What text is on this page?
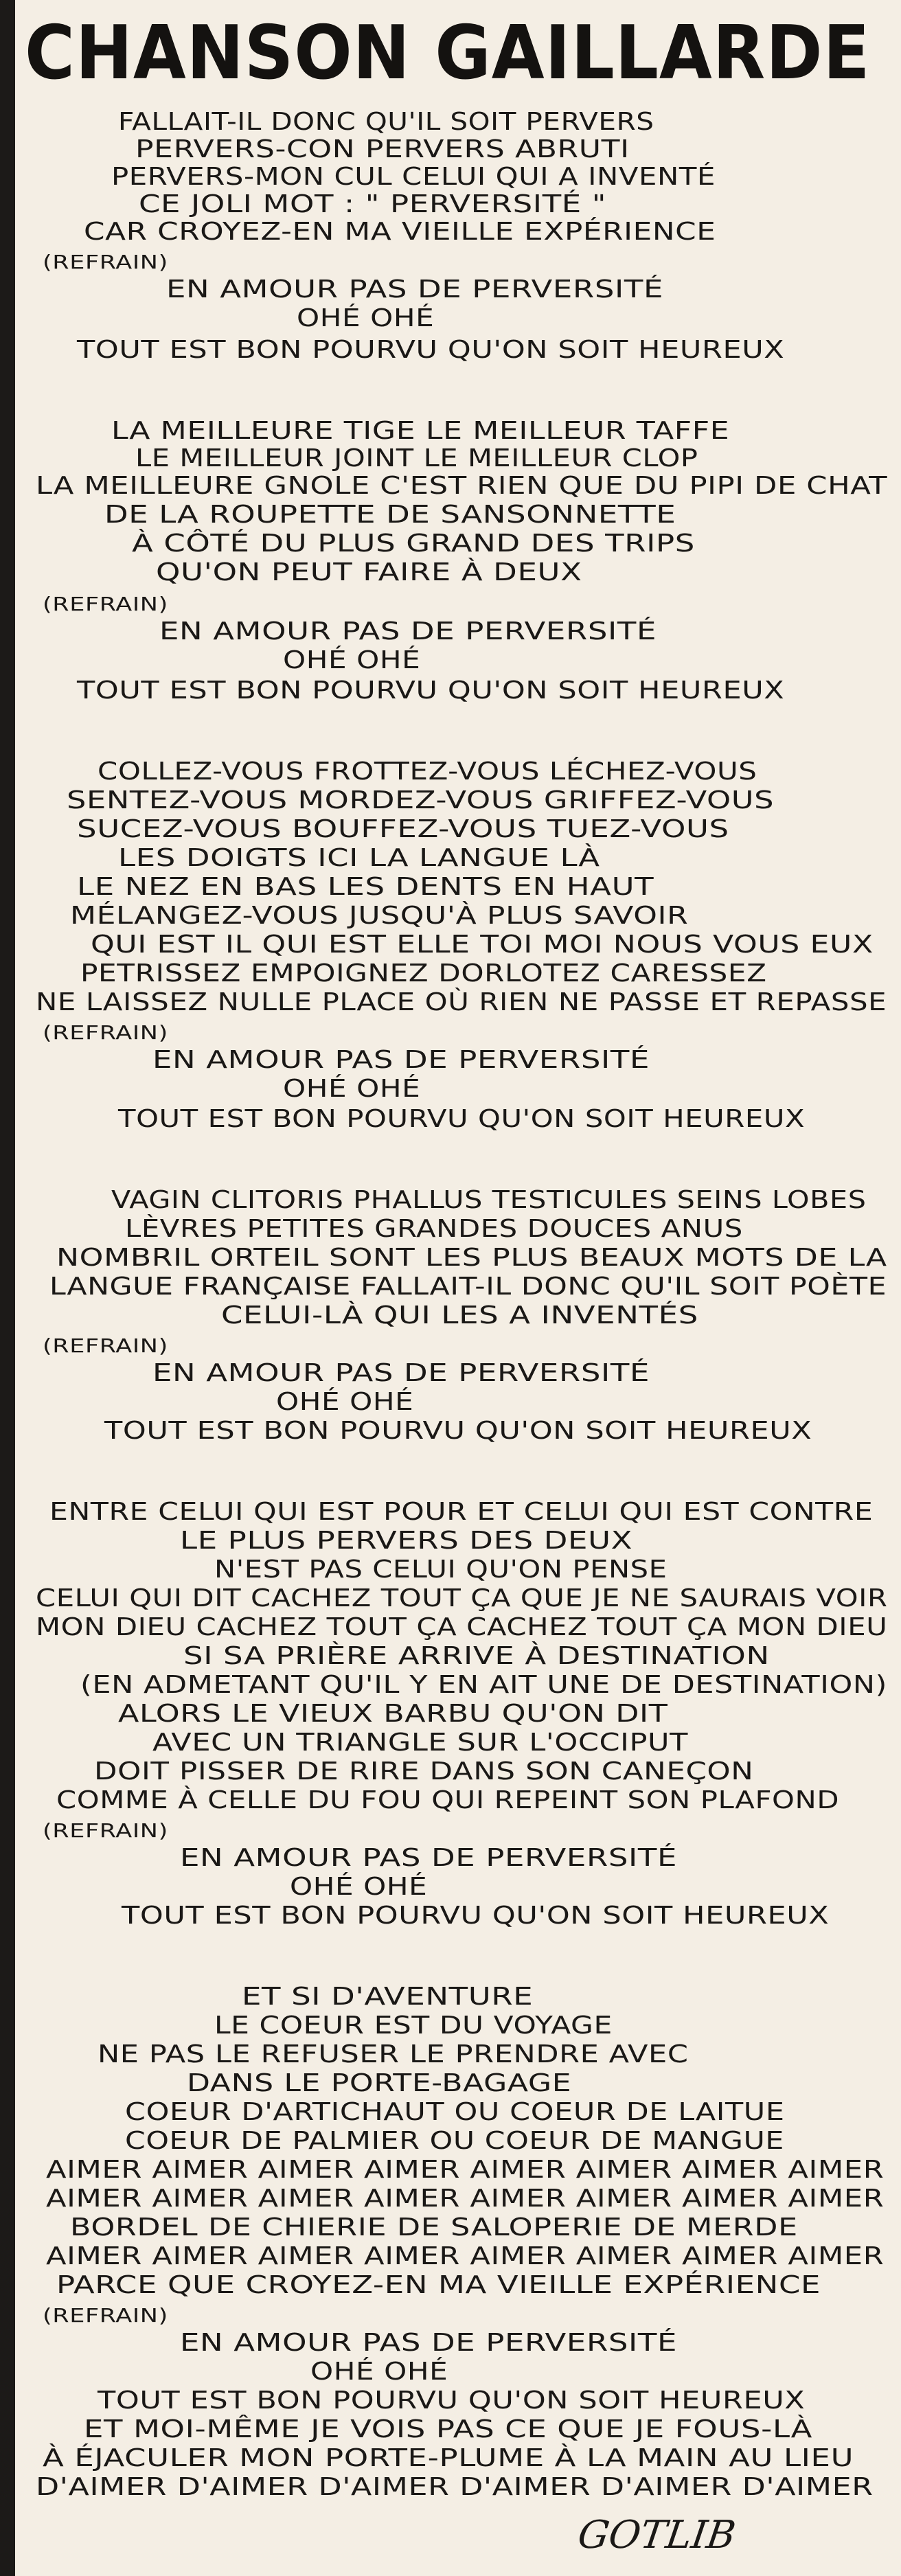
CHANSON GAILLARDE
FALLAIT-IL DONC QU'IL SOIT PERVERS
PERVERS-CON PERVERS ABRUTI
PERVERS-MON CUL CELUI QUI A INVENTÉ
CE JOLI MOT : " PERVERSITÉ "
CAR CROYEZ-EN MA VIEILLE EXPÉRIENCE
(REFRAIN)
EN AMOUR PAS DE PERVERSITÉ
OHÉ OHÉ
TOUT EST BON POURVU QU'ON SOIT HEUREUX
LA MEILLEURE TIGE LE MEILLEUR TAFFE
LE MEILLEUR JOINT LE MEILLEUR CLOP
LA MEILLEURE GNOLE C'EST RIEN QUE DU PIPI DE CHAT
DE LA ROUPETTE DE SANSONNETTE
À CÔTÉ DU PLUS GRAND DES TRIPS
QU'ON PEUT FAIRE À DEUX
(REFRAIN)
EN AMOUR PAS DE PERVERSITÉ
OHÉ OHÉ
TOUT EST BON POURVU QU'ON SOIT HEUREUX
COLLEZ-VOUS FROTTEZ-VOUS LÉCHEZ-VOUS
SENTEZ-VOUS MORDEZ-VOUS GRIFFEZ-VOUS
SUCEZ-VOUS BOUFFEZ-VOUS TUEZ-VOUS
LES DOIGTS ICI LA LANGUE LÀ
LE NEZ EN BAS LES DENTS EN HAUT
MÉLANGEZ-VOUS JUSQU'À PLUS SAVOIR
QUI EST IL QUI EST ELLE TOI MOI NOUS VOUS EUX
PETRISSEZ EMPOIGNEZ DORLOTEZ CARESSEZ
NE LAISSEZ NULLE PLACE OÙ RIEN NE PASSE ET REPASSE
(REFRAIN)
EN AMOUR PAS DE PERVERSITÉ
OHÉ OHÉ
TOUT EST BON POURVU QU'ON SOIT HEUREUX
VAGIN CLITORIS PHALLUS TESTICULES SEINS LOBES
LÈVRES PETITES GRANDES DOUCES ANUS
NOMBRIL ORTEIL SONT LES PLUS BEAUX MOTS DE LA
LANGUE FRANÇAISE FALLAIT-IL DONC QU'IL SOIT POÈTE
CELUI-LÀ QUI LES A INVENTÉS
(REFRAIN)
EN AMOUR PAS DE PERVERSITÉ
OHÉ OHÉ
TOUT EST BON POURVU QU'ON SOIT HEUREUX
ENTRE CELUI QUI EST POUR ET CELUI QUI EST CONTRE
LE PLUS PERVERS DES DEUX
N'EST PAS CELUI QU'ON PENSE
CELUI QUI DIT CACHEZ TOUT ÇA QUE JE NE SAURAIS VOIR
MON DIEU CACHEZ TOUT ÇA CACHEZ TOUT ÇA MON DIEU
SI SA PRIÈRE ARRIVE À DESTINATION
(EN ADMETANT QU'IL Y EN AIT UNE DE DESTINATION)
ALORS LE VIEUX BARBU QU'ON DIT
AVEC UN TRIANGLE SUR L'OCCIPUT
DOIT PISSER DE RIRE DANS SON CANEÇON
COMME À CELLE DU FOU QUI REPEINT SON PLAFOND
(REFRAIN)
EN AMOUR PAS DE PERVERSITÉ
OHÉ OHÉ
TOUT EST BON POURVU QU'ON SOIT HEUREUX
ET SI D'AVENTURE
LE COEUR EST DU VOYAGE
NE PAS LE REFUSER LE PRENDRE AVEC
DANS LE PORTE-BAGAGE
COEUR D'ARTICHAUT OU COEUR DE LAITUE
COEUR DE PALMIER OU COEUR DE MANGUE
AIMER AIMER AIMER AIMER AIMER AIMER AIMER AIMER
AIMER AIMER AIMER AIMER AIMER AIMER AIMER AIMER
BORDEL DE CHIERIE DE SALOPERIE DE MERDE
AIMER AIMER AIMER AIMER AIMER AIMER AIMER AIMER
PARCE QUE CROYEZ-EN MA VIEILLE EXPÉRIENCE
(REFRAIN)
EN AMOUR PAS DE PERVERSITÉ
OHÉ OHÉ
TOUT EST BON POURVU QU'ON SOIT HEUREUX
ET MOI-MÊME JE VOIS PAS CE QUE JE FOUS-LÀ
À ÉJACULER MON PORTE-PLUME À LA MAIN AU LIEU
D'AIMER D'AIMER D'AIMER D'AIMER D'AIMER D'AIMER
GOTLIB
